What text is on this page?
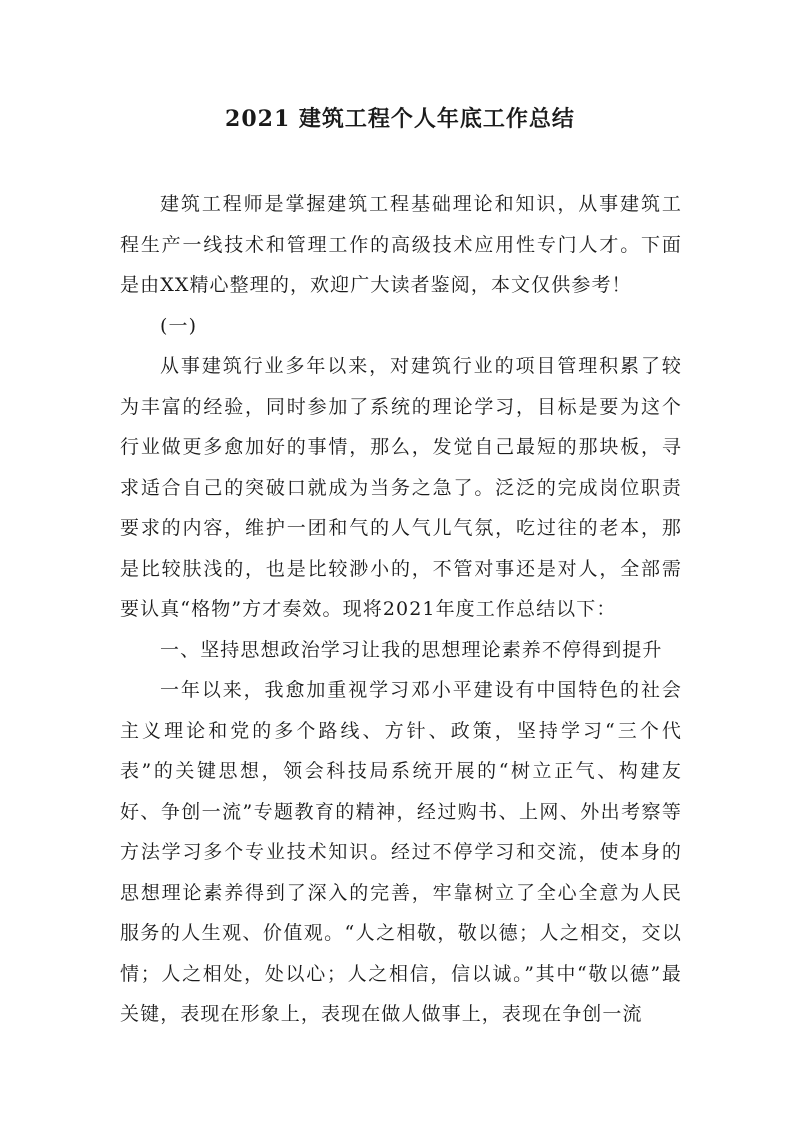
2021 建筑工程个人年底工作总结

建筑工程师是掌握建筑工程基础理论和知识，从事建筑工程生产一线技术和管理工作的高级技术应用性专门人才。下面是由XX精心整理的，欢迎广大读者鉴阅，本文仅供参考！

(一)

从事建筑行业多年以来，对建筑行业的项目管理积累了较为丰富的经验，同时参加了系统的理论学习，目标是要为这个行业做更多愈加好的事情，那么，发觉自己最短的那块板，寻求适合自己的突破口就成为当务之急了。泛泛的完成岗位职责要求的内容，维护一团和气的人气儿气氛，吃过往的老本，那是比较肤浅的，也是比较渺小的，不管对事还是对人，全部需要认真“格物”方才奏效。现将2021年度工作总结以下：

一、坚持思想政治学习让我的思想理论素养不停得到提升

一年以来，我愈加重视学习邓小平建设有中国特色的社会主义理论和党的多个路线、方针、政策，坚持学习“三个代表”的关键思想，领会科技局系统开展的“树立正气、构建友好、争创一流”专题教育的精神，经过购书、上网、外出考察等方法学习多个专业技术知识。经过不停学习和交流，使本身的思想理论素养得到了深入的完善，牢靠树立了全心全意为人民服务的人生观、价值观。“人之相敬，敬以德；人之相交，交以情；人之相处，处以心；人之相信，信以诚。”其中“敬以德”最关键，表现在形象上，表现在做人做事上，表现在争创一流
